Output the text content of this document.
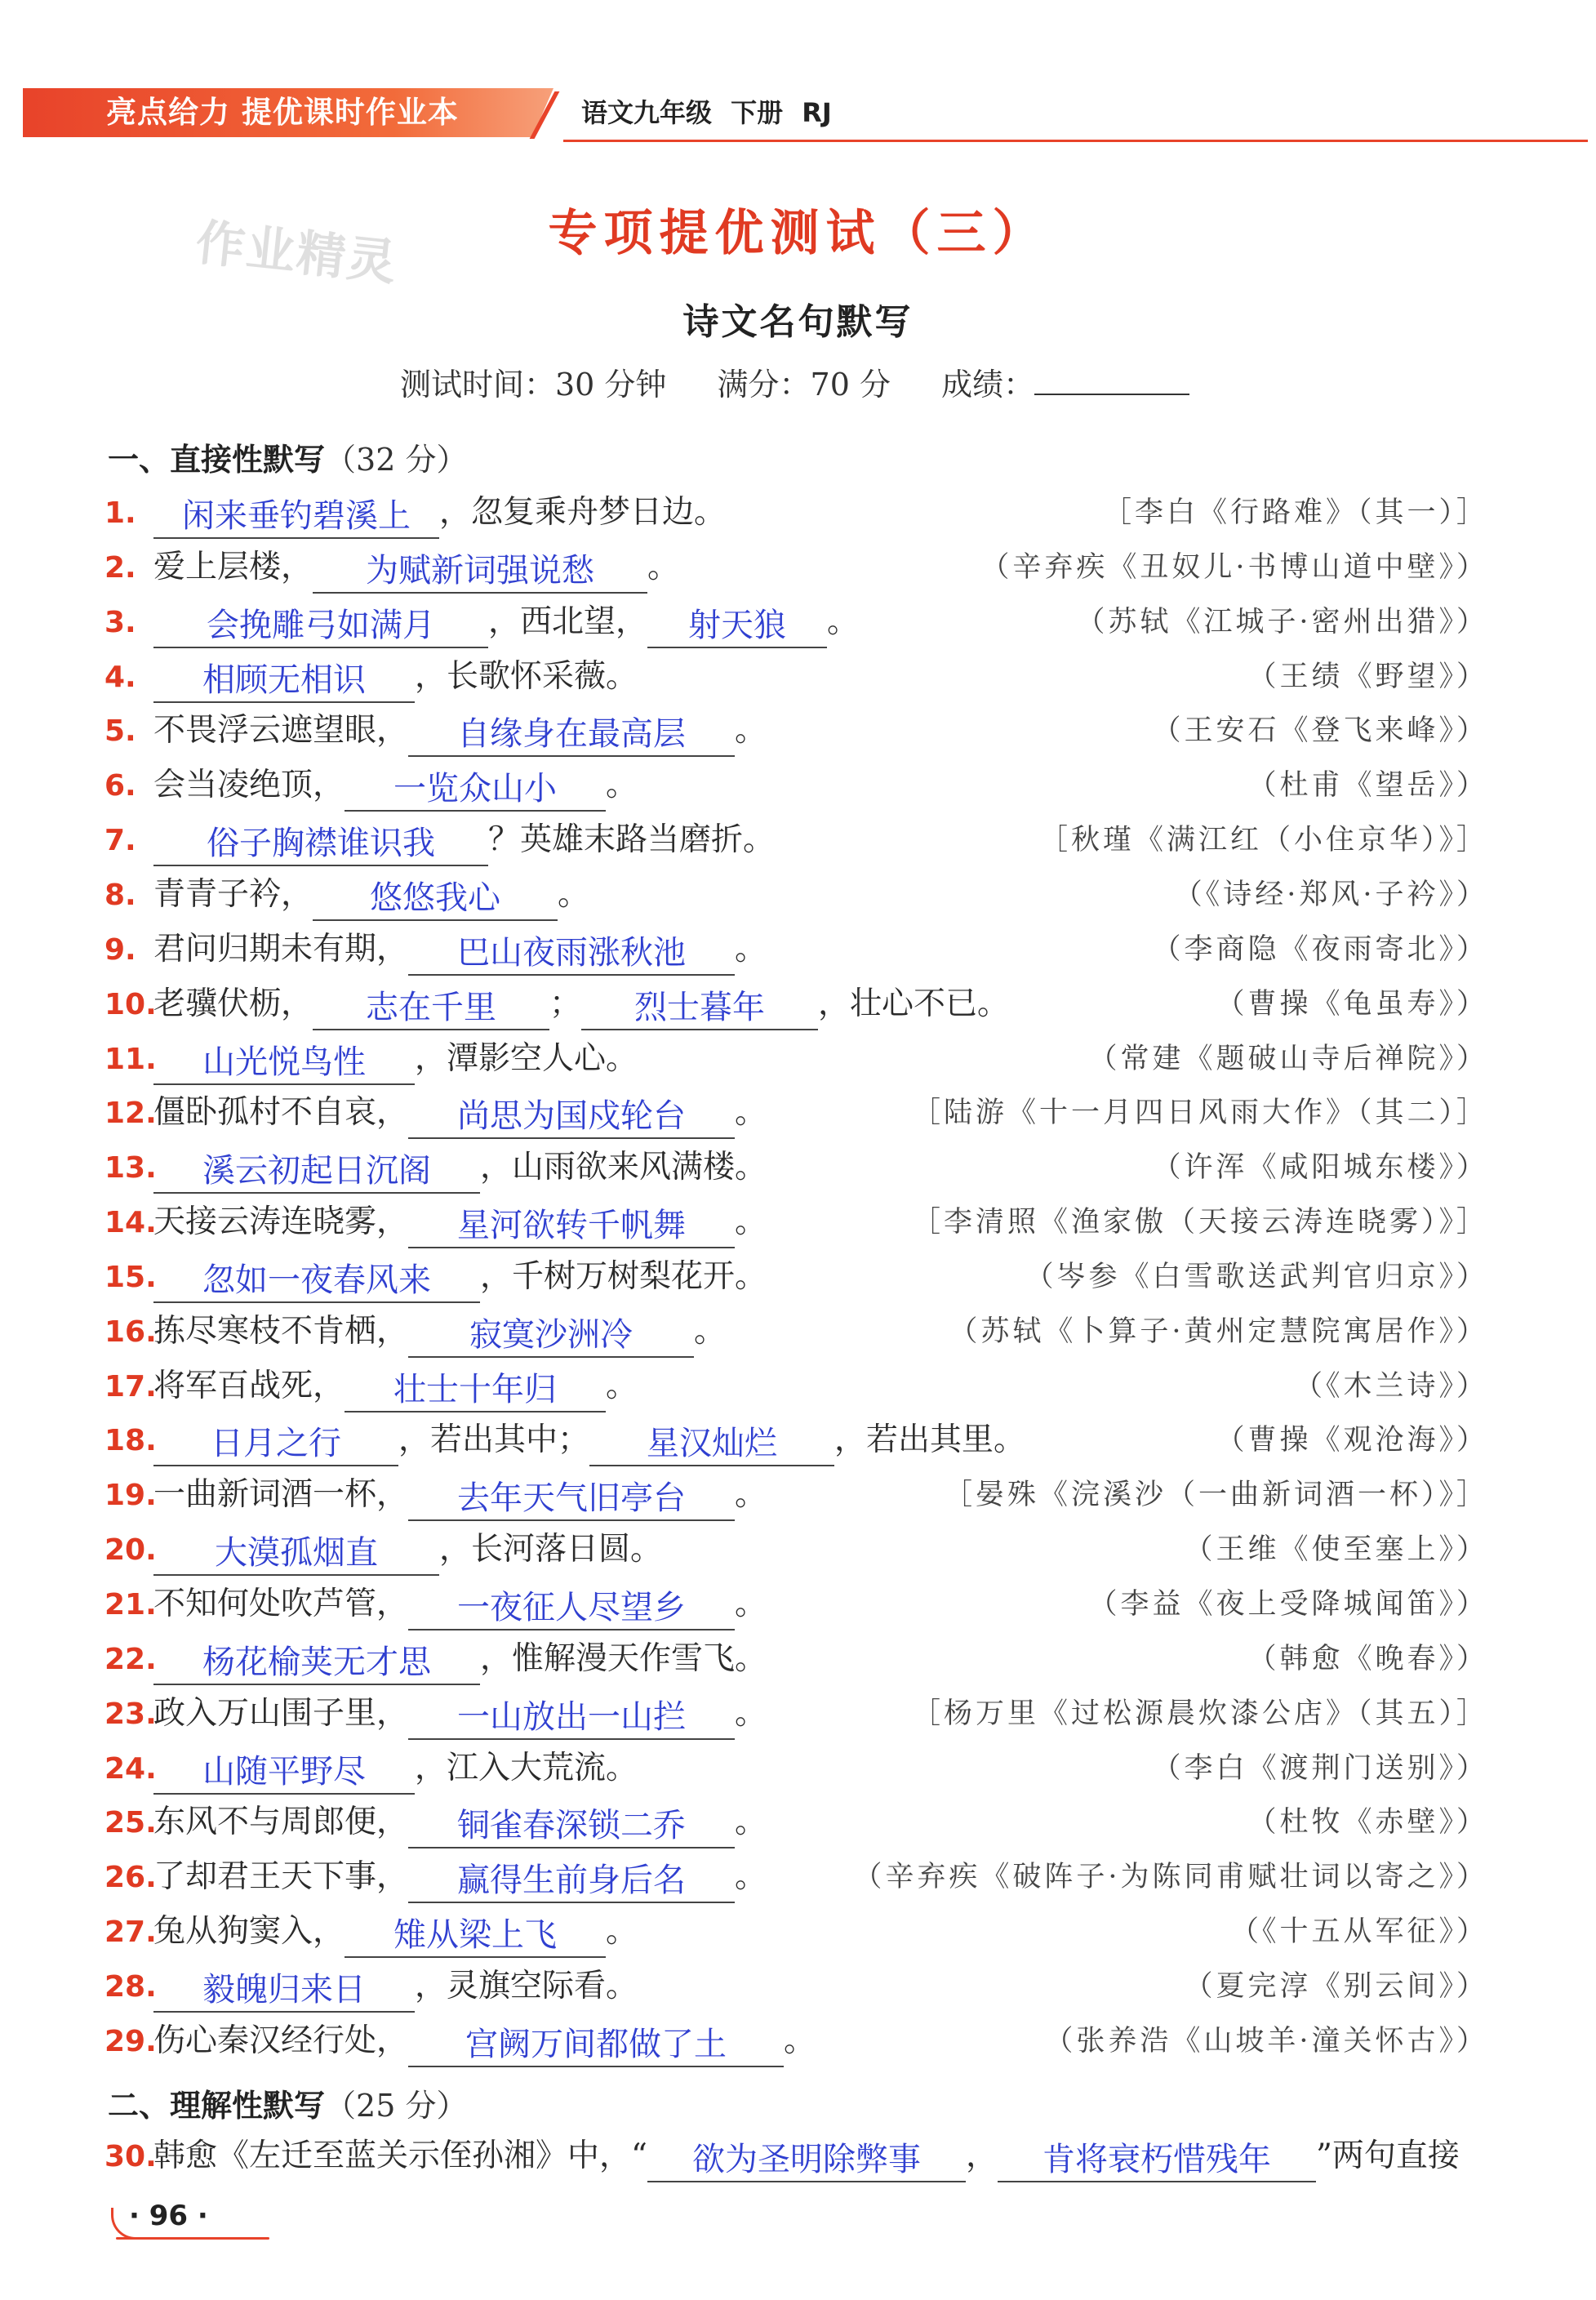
亮点给力 提优课时作业本	语文九年级 下册 RJ
作业精灵	专项提优测试（三）
诗文名句默写
测试时间：30 分钟 满分：70 分 成绩：
一、直接性默写（32 分）
1. 闲来垂钓碧溪上 ，忽复乘舟梦日边。	［李白《行路难》（其一）］
2. 爱上层楼， 为赋新词强说愁 。	（辛弃疾《丑奴儿·书博山道中壁》）
3. 会挽雕弓如满月 ，西北望， 射天狼 。	（苏轼《江城子·密州出猎》）
4. 相顾无相识 ，长歌怀采薇。	（王绩《野望》）
5. 不畏浮云遮望眼， 自缘身在最高层 。	（王安石《登飞来峰》）
6. 会当凌绝顶， 一览众山小 。	（杜甫《望岳》）
7. 俗子胸襟谁识我 ？英雄末路当磨折。	［秋瑾《满江红（小住京华）》］
8. 青青子衿， 悠悠我心 。	（《诗经·郑风·子衿》）
9. 君问归期未有期， 巴山夜雨涨秋池 。	（李商隐《夜雨寄北》）
10.老骥伏枥， 志在千里 ； 烈士暮年 ，壮心不已。	（曹操《龟虽寿》）
11. 山光悦鸟性 ，潭影空人心。	（常建《题破山寺后禅院》）
12.僵卧孤村不自哀， 尚思为国戍轮台 。	［陆游《十一月四日风雨大作》（其二）］
13. 溪云初起日沉阁 ，山雨欲来风满楼。	（许浑《咸阳城东楼》）
14.天接云涛连晓雾， 星河欲转千帆舞 。	［李清照《渔家傲（天接云涛连晓雾）》］
15. 忽如一夜春风来 ，千树万树梨花开。	（岑参《白雪歌送武判官归京》）
16.拣尽寒枝不肯栖， 寂寞沙洲冷 。	（苏轼《卜算子·黄州定慧院寓居作》）
17.将军百战死， 壮士十年归 。	（《木兰诗》）
18. 日月之行 ，若出其中； 星汉灿烂 ，若出其里。	（曹操《观沧海》）
19.一曲新词酒一杯， 去年天气旧亭台 。	［晏殊《浣溪沙（一曲新词酒一杯）》］
20. 大漠孤烟直 ，长河落日圆。	（王维《使至塞上》）
21.不知何处吹芦管， 一夜征人尽望乡 。	（李益《夜上受降城闻笛》）
22. 杨花榆荚无才思 ，惟解漫天作雪飞。	（韩愈《晚春》）
23.政入万山围子里， 一山放出一山拦 。	［杨万里《过松源晨炊漆公店》（其五）］
24. 山随平野尽 ，江入大荒流。	（李白《渡荆门送别》）
25.东风不与周郎便， 铜雀春深锁二乔 。	（杜牧《赤壁》）
26.了却君王天下事， 赢得生前身后名 。	（辛弃疾《破阵子·为陈同甫赋壮词以寄之》）
27.兔从狗窦入， 雉从梁上飞 。	（《十五从军征》）
28. 毅魄归来日 ，灵旗空际看。	（夏完淳《别云间》）
29.伤心秦汉经行处， 宫阙万间都做了土 。	（张养浩《山坡羊·潼关怀古》）
二、理解性默写（25 分）
30.韩愈《左迁至蓝关示侄孙湘》中，“ 欲为圣明除弊事 ， 肯将衰朽惜残年 ”两句直接
· 96 ·
